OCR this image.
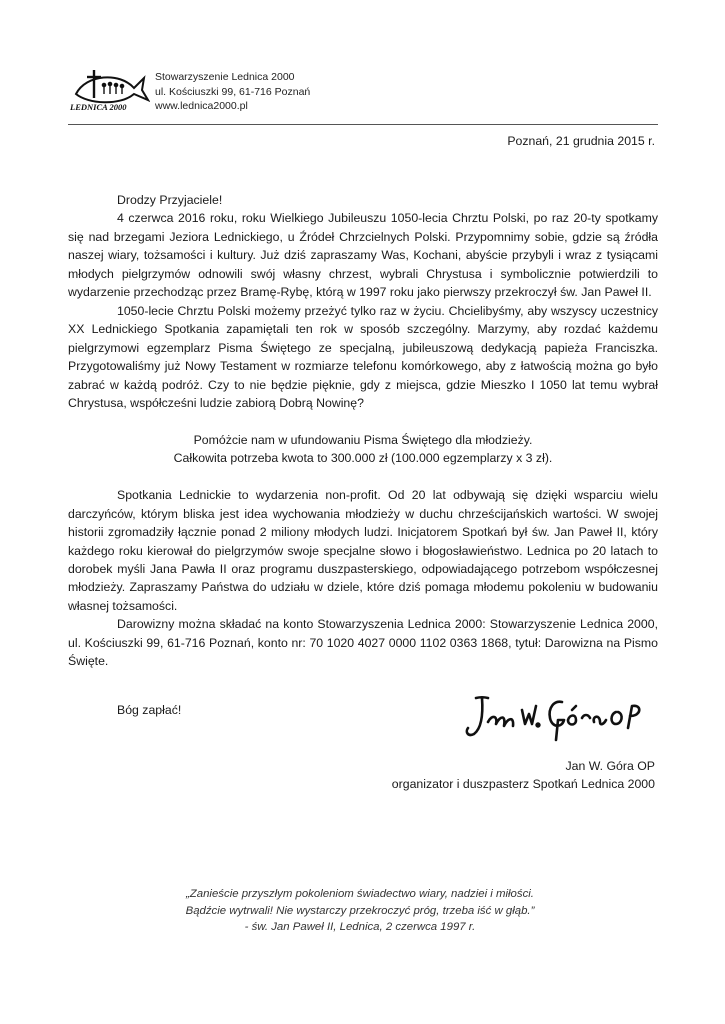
LEDNICA 2000
Stowarzyszenie Lednica 2000
ul. Kościuszki 99, 61-716 Poznań
www.lednica2000.pl
Poznań, 21 grudnia 2015 r.

Drodzy Przyjaciele!

4 czerwca 2016 roku, roku Wielkiego Jubileuszu 1050-lecia Chrztu Polski, po raz 20-ty spotkamy się nad brzegami Jeziora Lednickiego, u Źródeł Chrzcielnych Polski. Przypomnimy sobie, gdzie są źródła naszej wiary, tożsamości i kultury. Już dziś zapraszamy Was, Kochani, abyście przybyli i wraz z tysiącami młodych pielgrzymów odnowili swój własny chrzest, wybrali Chrystusa i symbolicznie potwierdzili to wydarzenie przechodząc przez Bramę-Rybę, którą w 1997 roku jako pierwszy przekroczył św. Jan Paweł II.

1050-lecie Chrztu Polski możemy przeżyć tylko raz w życiu. Chcielibyśmy, aby wszyscy uczestnicy XX Lednickiego Spotkania zapamiętali ten rok w sposób szczególny. Marzymy, aby rozdać każdemu pielgrzymowi egzemplarz Pisma Świętego ze specjalną, jubileuszową dedykacją papieża Franciszka. Przygotowaliśmy już Nowy Testament w rozmiarze telefonu komórkowego, aby z łatwością można go było zabrać w każdą podróż. Czy to nie będzie pięknie, gdy z miejsca, gdzie Mieszko I 1050 lat temu wybrał Chrystusa, współcześni ludzie zabiorą Dobrą Nowinę?

Pomóżcie nam w ufundowaniu Pisma Świętego dla młodzieży.

Całkowita potrzeba kwota to 300.000 zł (100.000 egzemplarzy x 3 zł).

Spotkania Lednickie to wydarzenia non-profit. Od 20 lat odbywają się dzięki wsparciu wielu darczyńców, którym bliska jest idea wychowania młodzieży w duchu chrześcijańskich wartości. W swojej historii zgromadziły łącznie ponad 2 miliony młodych ludzi. Inicjatorem Spotkań był św. Jan Paweł II, który każdego roku kierował do pielgrzymów swoje specjalne słowo i błogosławieństwo. Lednica po 20 latach to dorobek myśli Jana Pawła II oraz programu duszpasterskiego, odpowiadającego potrzebom współczesnej młodzieży. Zapraszamy Państwa do udziału w dziele, które dziś pomaga młodemu pokoleniu w budowaniu własnej tożsamości.

Darowizny można składać na konto Stowarzyszenia Lednica 2000: Stowarzyszenie Lednica 2000, ul. Kościuszki 99, 61-716 Poznań, konto nr: 70 1020 4027 0000 1102 0363 1868, tytuł: Darowizna na Pismo Święte.

Bóg zapłać!
Jan W. Góra OP
organizator i duszpasterz Spotkań Lednica 2000
„Zanieście przyszłym pokoleniom świadectwo wiary, nadziei i miłości.
Bądźcie wytrwali! Nie wystarczy przekroczyć próg, trzeba iść w głąb.”
- św. Jan Paweł II, Lednica, 2 czerwca 1997 r.
